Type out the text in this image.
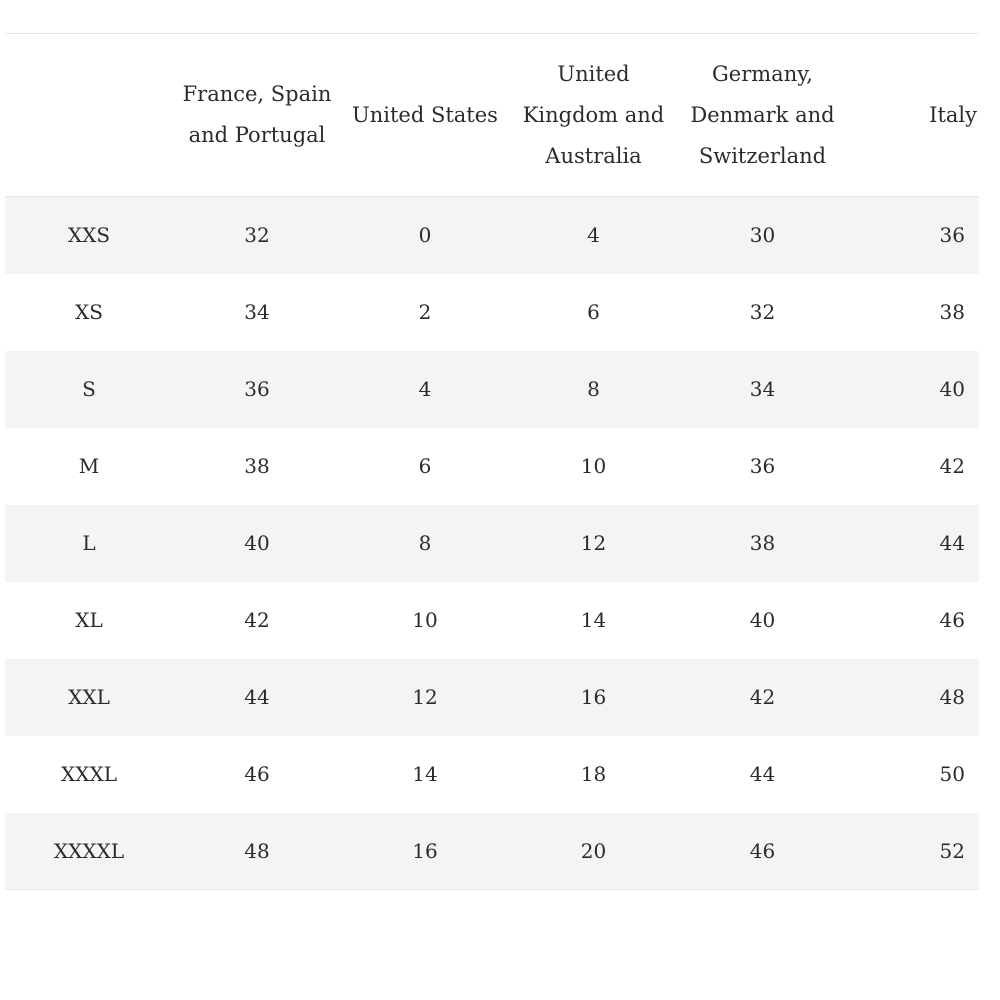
	France, Spain and Portugal	United States	United Kingdom and Australia	Germany, Denmark and Switzerland	Italy
XXS	32	0	4	30	36
XS	34	2	6	32	38
S	36	4	8	34	40
M	38	6	10	36	42
L	40	8	12	38	44
XL	42	10	14	40	46
XXL	44	12	16	42	48
XXXL	46	14	18	44	50
XXXXL	48	16	20	46	52
